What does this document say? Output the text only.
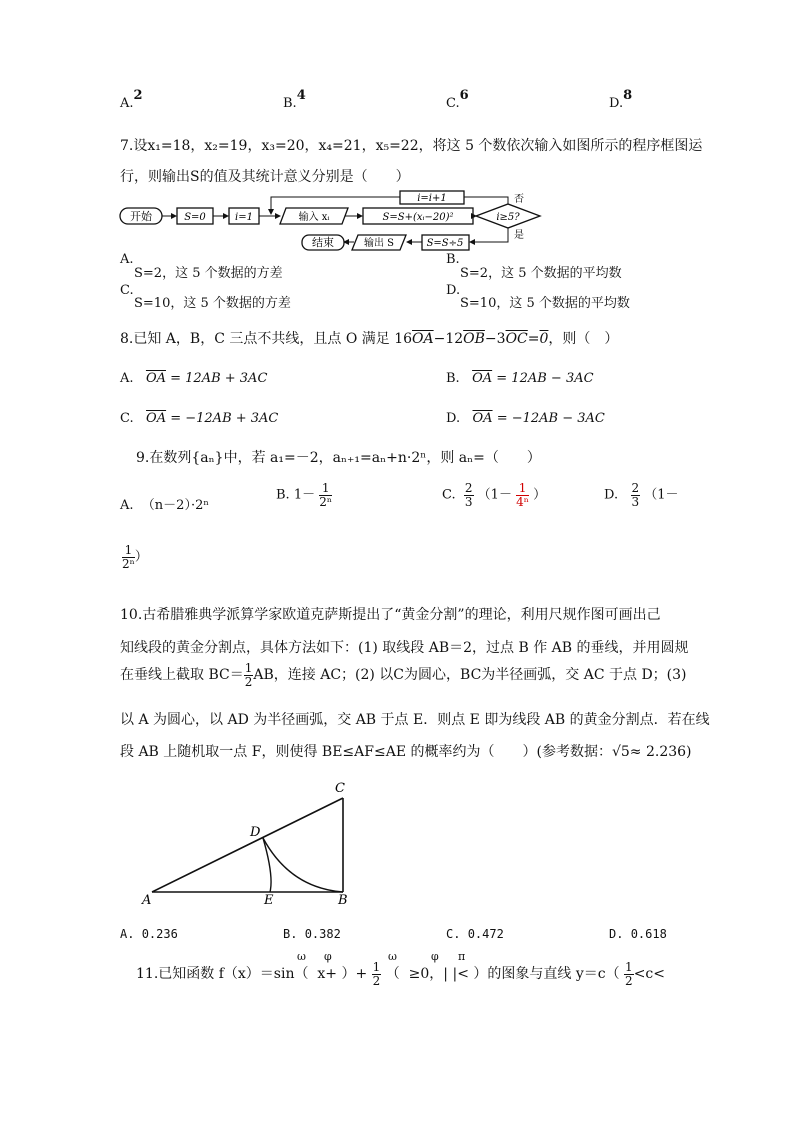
A.2
B.4
C.6
D.8
7.设x₁=18，x₂=19，x₃=20，x₄=21，x₅=22，将这 5 个数依次输入如图所示的程序框图运
行，则输出S的值及其统计意义分别是（　　）
开始	S=0	i=1	输入 xᵢ	S=S+(xᵢ−20)²	i≥5?
否
i=i+1
是
S=S÷5
输出 S
结束
A.
S=2，这 5 个数据的方差
B.
S=2，这 5 个数据的平均数
C.
S=10，这 5 个数据的方差
D.
S=10，这 5 个数据的平均数
8.已知 A，B，C 三点不共线，且点 O 满足 $16\overline{OA}-12\overline{OB}-3\overline{OC}=0$，则（　）
A. $\overline{OA} = 12AB + 3AC$	B. $\overline{OA} = 12AB - 3AC$
C. $\overline{OA} = -12AB + 3AC$	D. $\overline{OA} = -12AB - 3AC$
9.在数列{aₙ}中，若 a₁=－2，aₙ₊₁=aₙ+n·2ⁿ，则 aₙ=（　　）
A. （n－2）·2ⁿ
B. $1- \frac{1}{\text{2ⁿ}}$	C. $\frac{2}{3} (1- \frac{1}{\text{4ⁿ}}$ ）	D. $\frac{2}{3} (1-$
$\frac{1}{\text{2ⁿ}}$ ）
10.古希腊雅典学派算学家欧道克萨斯提出了“黄金分割”的理论，利用尺规作图可画出己
知线段的黄金分割点，具体方法如下：(1) 取线段 AB＝2，过点 B 作 AB 的垂线，并用圆规
在垂线上截取 $BC= \frac{1}{2}$ AB，连接 AC；(2) 以C为圆心，BC为半径画弧，交 AC 于点 D；(3)
以 A 为圆心，以 AD 为半径画弧，交 AB 于点 E．则点 E 即为线段 AB 的黄金分割点．若在线
段 AB 上随机取一点 F，则使得 BE≤AF≤AE 的概率约为（　　）(参考数据：√5≈ 2.236)
A	B
C
D
E
A. 0.236	B. 0.382	C. 0.472	D. 0.618
ω φ	ω	φ π
11.已知函数 f（x）＝sin（ x+ ）+ $\frac{1}{2}$ （ ≥0，| |< ）的图象与直线 $y=c( \frac{1}{2} <c<$
